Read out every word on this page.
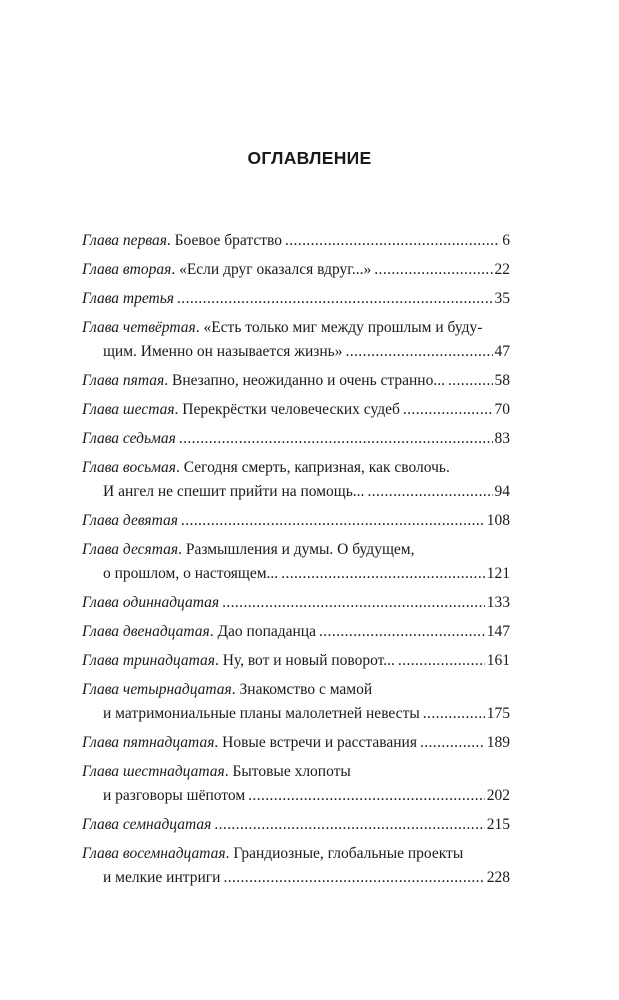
ОГЛАВЛЕНИЕ
Глава первая . Боевое братство .....	6
Глава вторая . «Если друг оказался вдруг...» .....	22
Глава третья .....	35
Глава четвёртая . «Есть только миг между прошлым и буду-
щим. Именно он называется жизнь» .....	47
Глава пятая . Внезапно, неожиданно и очень странно... .....	58
Глава шестая . Перекрёстки человеческих судеб .....	70
Глава седьмая .....	83
Глава восьмая . Сегодня смерть, капризная, как сволочь.
И ангел не спешит прийти на помощь... .....	94
Глава девятая .....	108
Глава десятая . Размышления и думы. О будущем,
о прошлом, о настоящем... .....	121
Глава одиннадцатая .....	133
Глава двенадцатая . Дао попаданца .....	147
Глава тринадцатая . Ну, вот и новый поворот... .....	161
Глава четырнадцатая . Знакомство с мамой
и матримониальные планы малолетней невесты .....	175
Глава пятнадцатая . Новые встречи и расставания .....	189
Глава шестнадцатая . Бытовые хлопоты
и разговоры шёпотом .....	202
Глава семнадцатая .....	215
Глава восемнадцатая . Грандиозные, глобальные проекты
и мелкие интриги .....	228
